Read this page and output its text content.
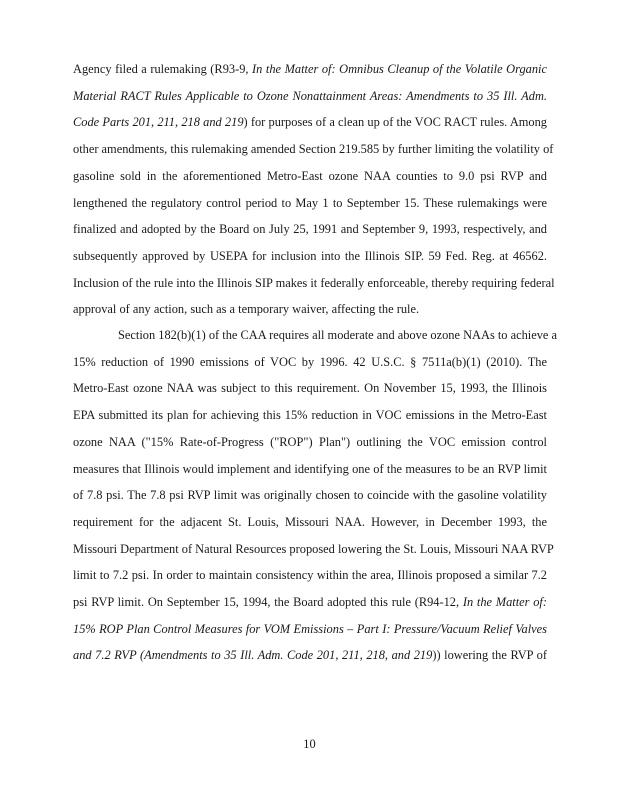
Agency filed a rulemaking (R93-9, In the Matter of: Omnibus Cleanup of the Volatile Organic
Material RACT Rules Applicable to Ozone Nonattainment Areas: Amendments to 35 Ill. Adm.
Code Parts 201, 211, 218 and 219) for purposes of a clean up of the VOC RACT rules. Among
other amendments, this rulemaking amended Section 219.585 by further limiting the volatility of
gasoline sold in the aforementioned Metro-East ozone NAA counties to 9.0 psi RVP and
lengthened the regulatory control period to May 1 to September 15. These rulemakings were
finalized and adopted by the Board on July 25, 1991 and September 9, 1993, respectively, and
subsequently approved by USEPA for inclusion into the Illinois SIP. 59 Fed. Reg. at 46562.
Inclusion of the rule into the Illinois SIP makes it federally enforceable, thereby requiring federal
approval of any action, such as a temporary waiver, affecting the rule.
Section 182(b)(1) of the CAA requires all moderate and above ozone NAAs to achieve a
15% reduction of 1990 emissions of VOC by 1996. 42 U.S.C. § 7511a(b)(1) (2010). The
Metro-East ozone NAA was subject to this requirement. On November 15, 1993, the Illinois
EPA submitted its plan for achieving this 15% reduction in VOC emissions in the Metro-East
ozone NAA ("15% Rate-of-Progress ("ROP") Plan") outlining the VOC emission control
measures that Illinois would implement and identifying one of the measures to be an RVP limit
of 7.8 psi. The 7.8 psi RVP limit was originally chosen to coincide with the gasoline volatility
requirement for the adjacent St. Louis, Missouri NAA. However, in December 1993, the
Missouri Department of Natural Resources proposed lowering the St. Louis, Missouri NAA RVP
limit to 7.2 psi. In order to maintain consistency within the area, Illinois proposed a similar 7.2
psi RVP limit. On September 15, 1994, the Board adopted this rule (R94-12, In the Matter of:
15% ROP Plan Control Measures for VOM Emissions – Part I: Pressure/Vacuum Relief Valves
and 7.2 RVP (Amendments to 35 Ill. Adm. Code 201, 211, 218, and 219)) lowering the RVP of
10
